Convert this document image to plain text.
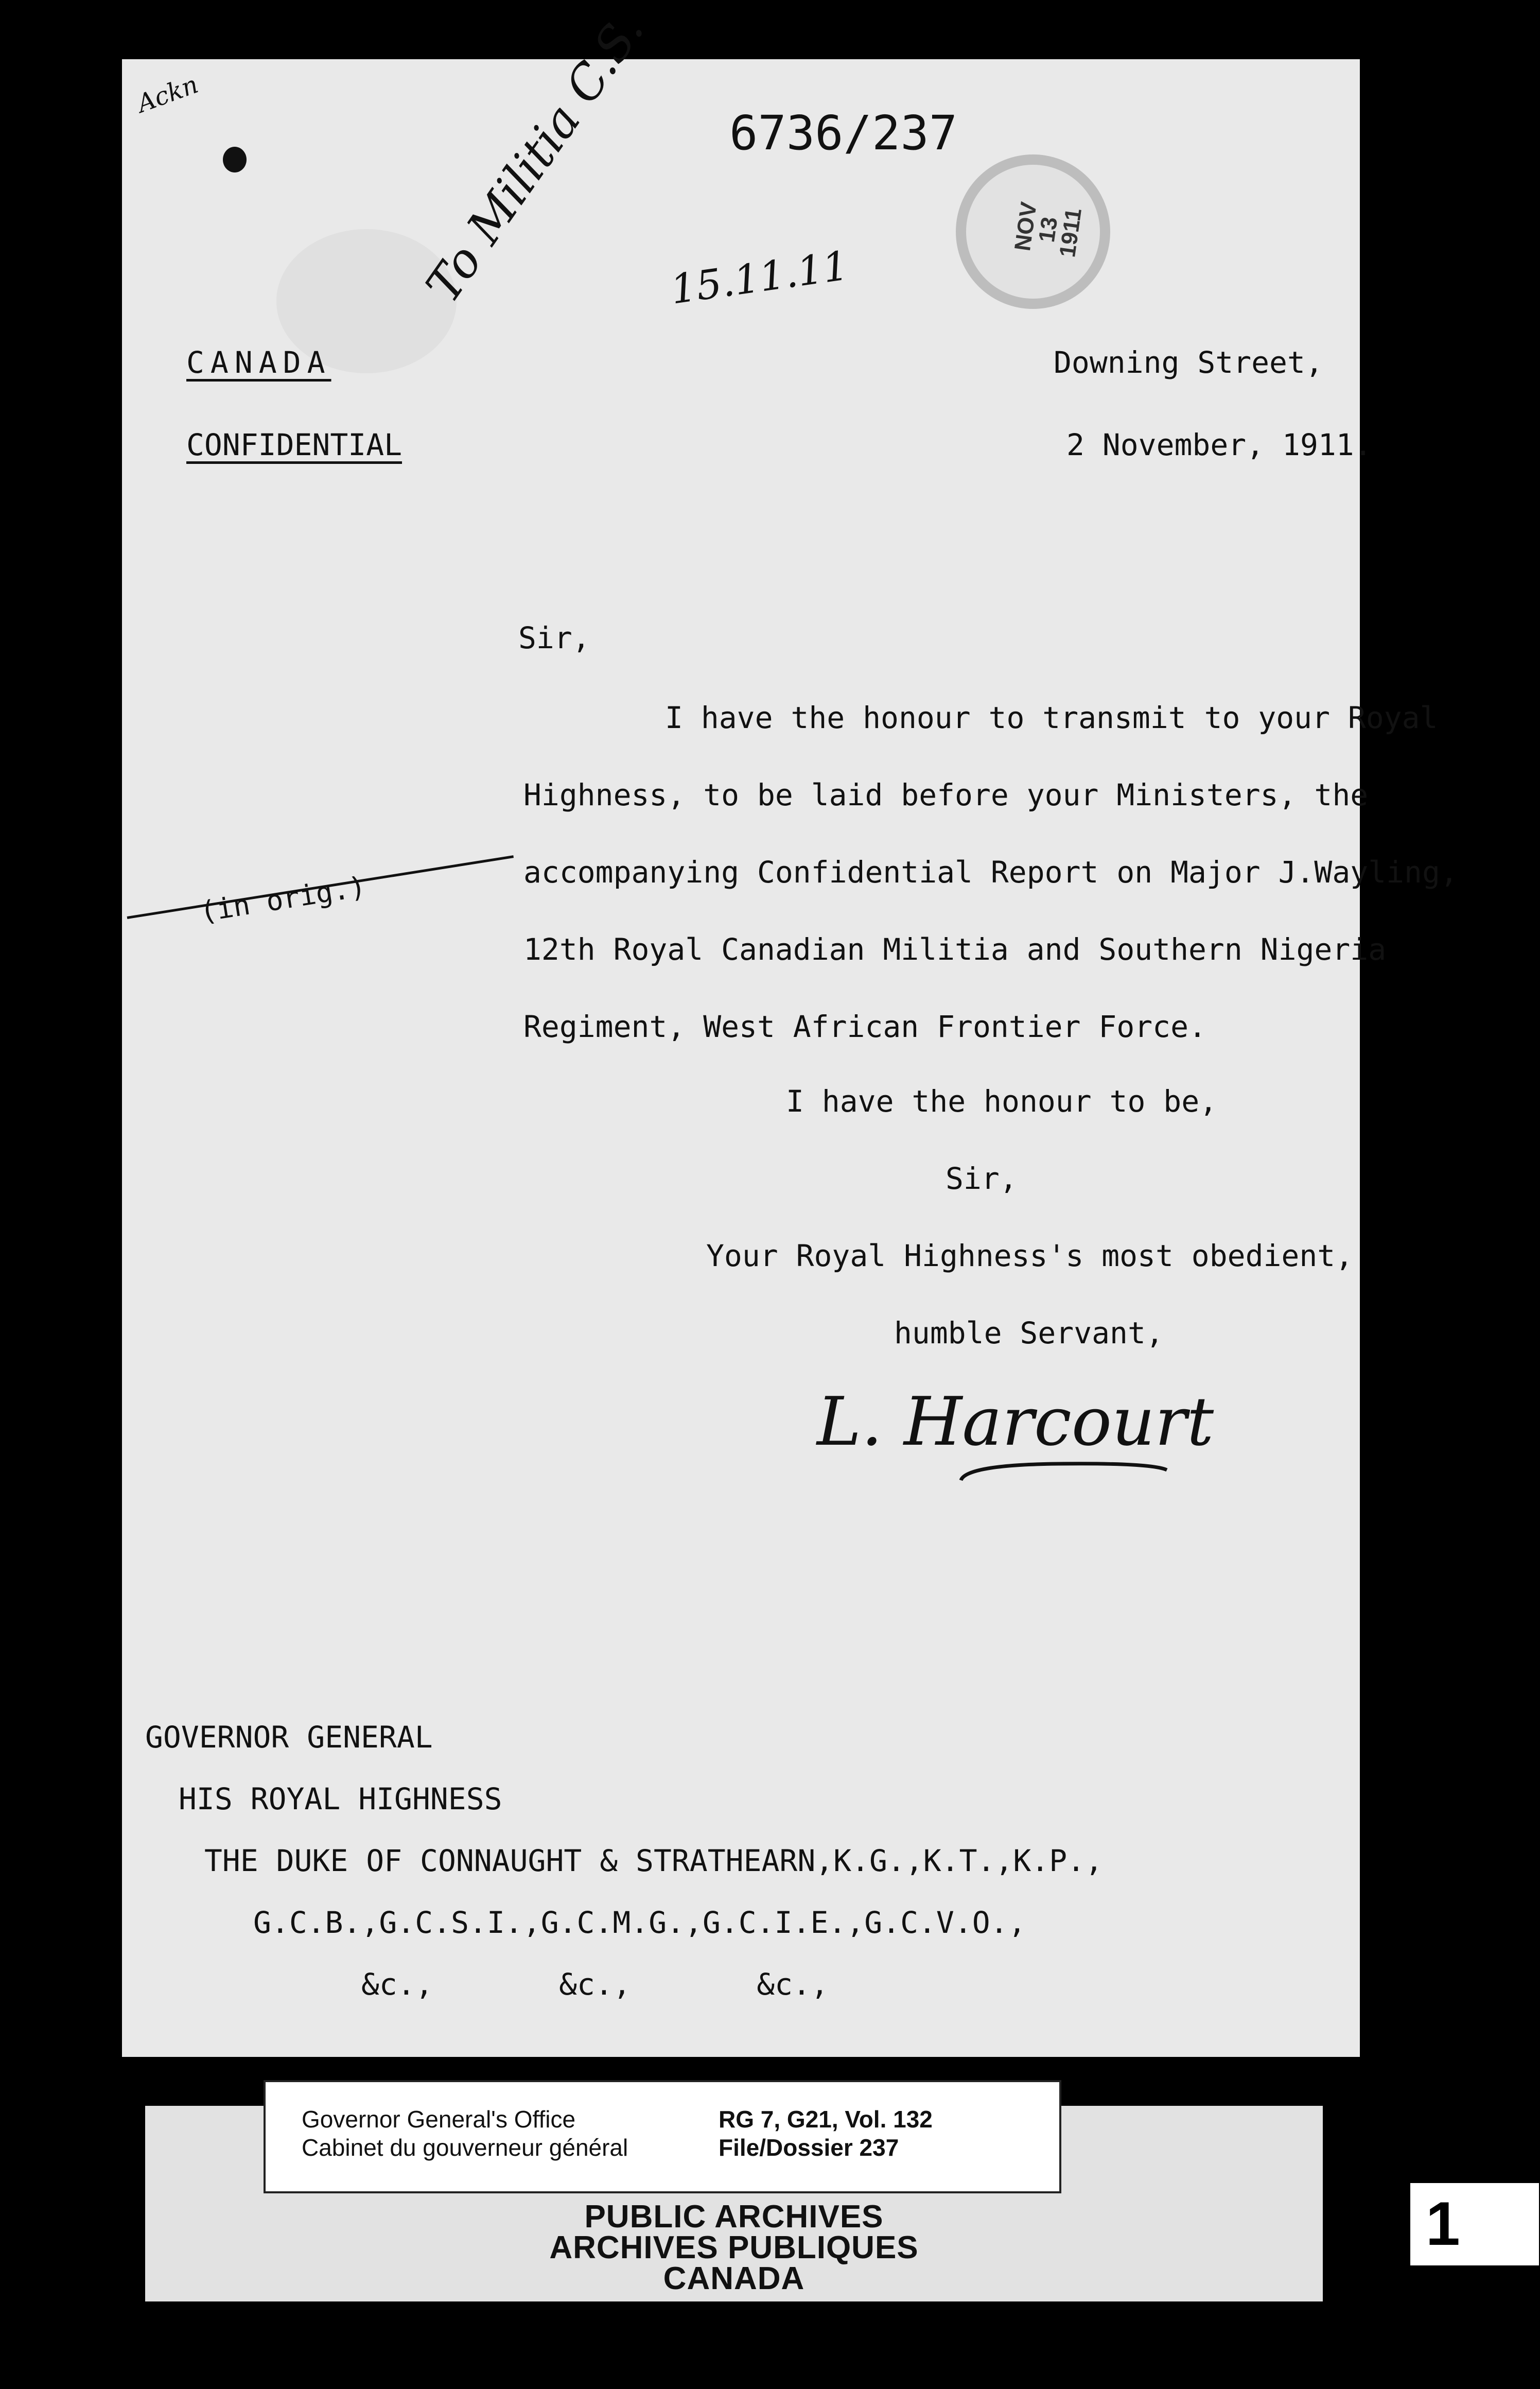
Ackn
6736/237
NOV
13
1911
To Militia C.S. 15.11.11
CANADA
CONFIDENTIAL
Downing Street,
2 November, 1911.
Sir,
I have the honour to transmit to your Royal
Highness, to be laid before your Ministers, the
accompanying Confidential Report on Major J.Wayling,
12th Royal Canadian Militia and Southern Nigeria
Regiment, West African Frontier Force.
(in orig.)
I have the honour to be,
Sir,
Your Royal Highness's most obedient,
humble Servant,
L. Harcourt
GOVERNOR GENERAL
HIS ROYAL HIGHNESS
THE DUKE OF CONNAUGHT & STRATHEARN,K.G.,K.T.,K.P.,
G.C.B.,G.C.S.I.,G.C.M.G.,G.C.I.E.,G.C.V.O.,
&c.,       &c.,       &c.,
Governor General's Office
Cabinet du gouverneur général
RG 7, G21, Vol. 132
File/Dossier 237
PUBLIC ARCHIVES
ARCHIVES PUBLIQUES
CANADA
1
